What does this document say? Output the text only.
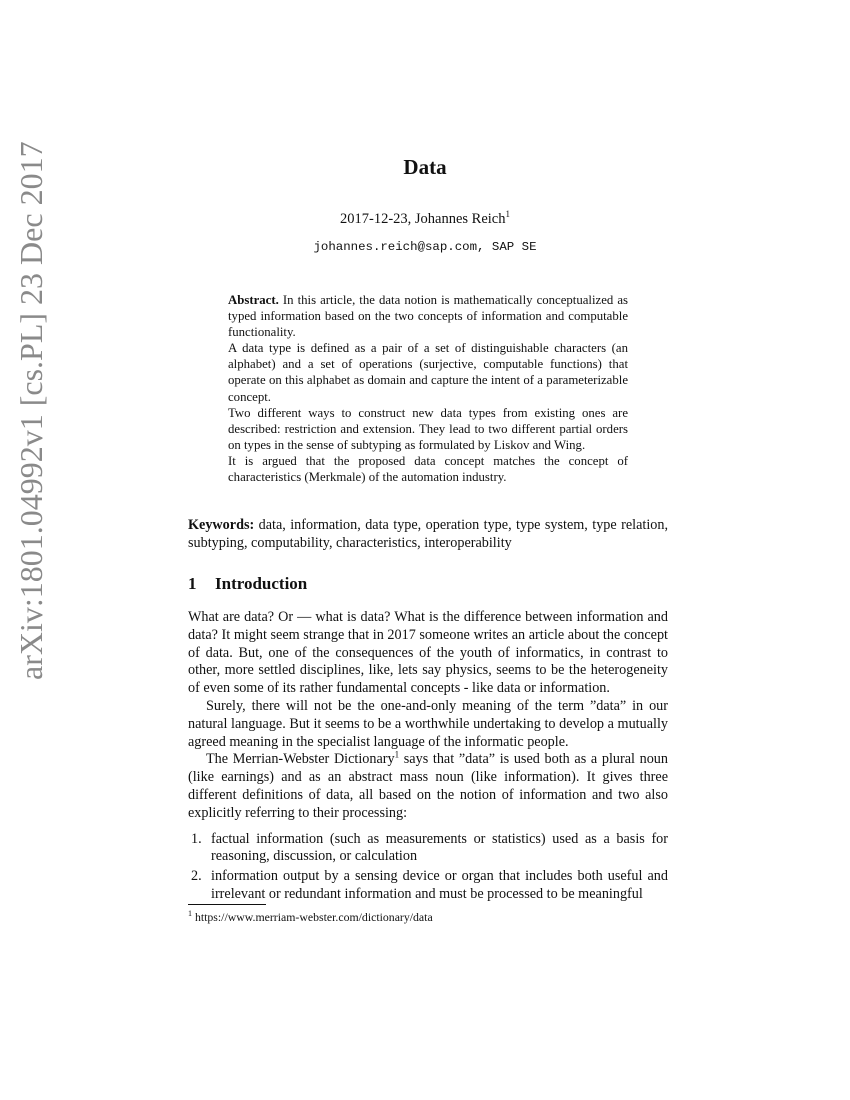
arXiv:1801.04992v1 [cs.PL] 23 Dec 2017	Data
2017-12-23, Johannes Reich$^1$
johannes.reich@sap.com, SAP SE

Abstract. In this article, the data notion is mathematically conceptualized as typed information based on the two concepts of information and computable functionality.

A data type is defined as a pair of a set of distinguishable characters (an alphabet) and a set of operations (surjective, computable functions) that operate on this alphabet as domain and capture the intent of a parameterizable concept.

Two different ways to construct new data types from existing ones are described: restriction and extension. They lead to two different partial orders on types in the sense of subtyping as formulated by Liskov and Wing.

It is argued that the proposed data concept matches the concept of characteristics (Merkmale) of the automation industry.

Keywords: data, information, data type, operation type, type system, type relation, subtyping, computability, characteristics, interoperability

1 Introduction

What are data? Or — what is data? What is the difference between information and data? It might seem strange that in 2017 someone writes an article about the concept of data. But, one of the consequences of the youth of informatics, in contrast to other, more settled disciplines, like, lets say physics, seems to be the heterogeneity of even some of its rather fundamental concepts - like data or information.

Surely, there will not be the one-and-only meaning of the term ”data” in our natural language. But it seems to be a worthwhile undertaking to develop a mutually agreed meaning in the specialist language of the informatic people.

The Merrian-Webster Dictionary$^1$ says that ”data” is used both as a plural noun (like earnings) and as an abstract mass noun (like information). It gives three different definitions of data, all based on the notion of information and two also explicitly referring to their processing:

1. factual information (such as measurements or statistics) used as a basis for reasoning, discussion, or calculation
2. information output by a sensing device or organ that includes both useful and irrelevant or redundant information and must be processed to be meaningful
$^1$ https://www.merriam-webster.com/dictionary/data
